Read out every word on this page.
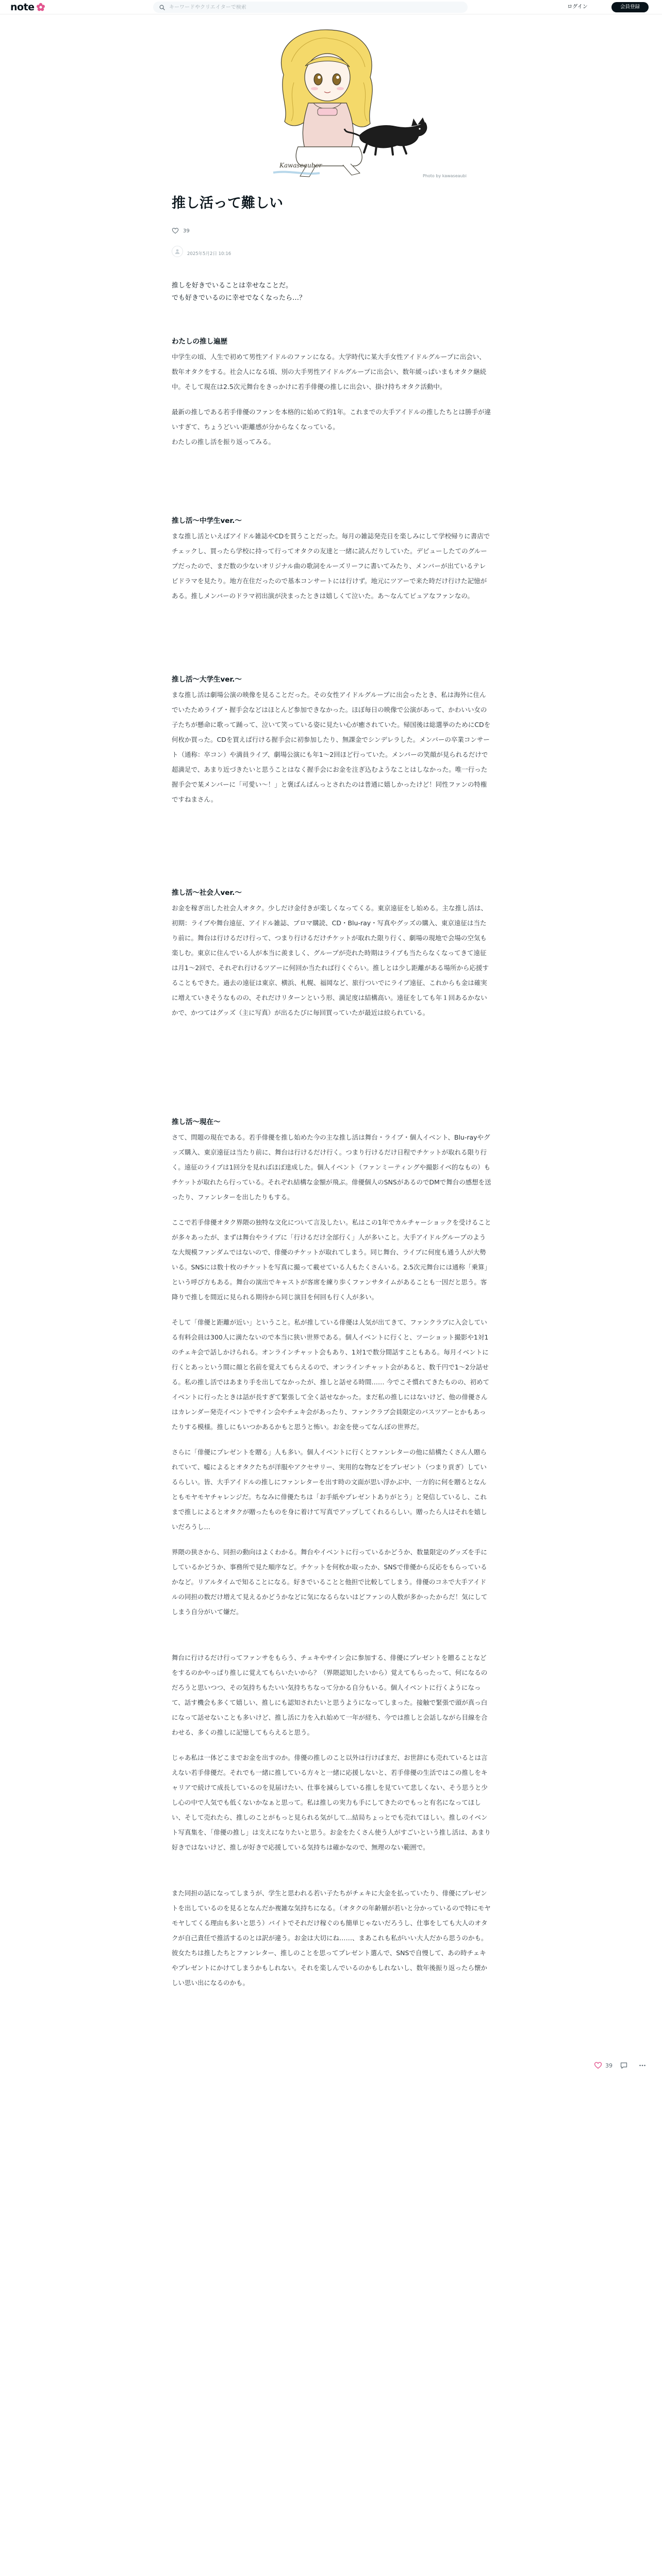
note
キーワードやクリエイターで検索	ログイン	会員登録
Kawaseauber
Photo by kawaseaubi
推し活って難しい
39
2025年5月2日 10:16

推しを好きでいることは幸せなことだ。
でも好きでいるのに幸せでなくなったら…？

わたしの推し遍歴

中学生の頃、人生で初めて男性アイドルのファンになる。大学時代に某大手女性アイドルグループに出会い、数年オタクをする。社会人になる頃、別の大手男性アイドルグループに出会い、数年緩っぱいまもオタク継続中。そして現在は2.5次元舞台をきっかけに若手俳優の推しに出会い、掛け持ちオタク活動中。

最新の推しである若手俳優のファンを本格的に始めて約1年。これまでの大手アイドルの推したちとは勝手が違いすぎて、ちょうどいい距離感が分からなくなっている。
わたしの推し活を振り返ってみる。

推し活～中学生ver.～

まな推し活といえばアイドル雑誌やCDを買うことだった。毎月の雑誌発売日を楽しみにして学校帰りに書店でチェックし、買ったら学校に持って行ってオタクの友達と一緒に読んだりしていた。デビューしたてのグループだったので、まだ数の少ないオリジナル曲の歌詞をルーズリーフに書いてみたり、メンバーが出ているテレビドラマを見たり。地方在住だったので基本コンサートには行けず。地元にツアーで来た時だけ行けた記憶がある。推しメンバーのドラマ初出演が決まったときは嬉しくて泣いた。あ～なんてピュアなファンなの。

推し活～大学生ver.～

まな推し活は劇場公演の映像を見ることだった。その女性アイドルグループに出会ったとき、私は海外に住んでいたためライブ・握手会などはほとんど参加できなかった。ほぼ毎日の映像で公演があって、かわいい女の子たちが懸命に歌って踊って、泣いて笑っている姿に見たい心が癒されていた。帰国後は総選挙のためにCDを何枚か買った。CDを買えば行ける握手会に初参加したり、無課金でシンデレラした。メンバーの卒業コンサート（通称：卒コン）や満員ライブ、劇場公演にも年1～2回ほど行っていた。メンバーの笑顔が見られるだけで超満足で、あまり近づきたいと思うことはなく握手会にお金を注ぎ込むようなことはしなかった。唯一行った握手会で某メンバーに「可愛い～！」と褒ばんぱんっとされたのは普通に嬉しかったけど！同性ファンの特権ですねまさん。

推し活～社会人ver.～

お金を稼ぎ出した社会人オタク。少しだけ金付きが楽しくなってくる。東京遠征をし始める。主な推し活は、初期：ライブや舞台遠征、アイドル雑誌、ブロマ購読、CD・Blu-ray・写真やグッズの購入、東京遠征は当たり前に。舞台は行けるだけ行って、つまり行けるだけチケットが取れた限り行く、劇場の現地で会場の空気も楽しむ。東京に住んでいる人が本当に羨ましく、グループが売れた時期はライブも当たらなくなってきて遠征は月1～2回で、それぞれ行けるツアーに何回か当たれば行くぐらい。推しとは少し距離がある場所から応援することもできた。過去の遠征は東京、横浜、札幌、福岡など、旅行ついでにライブ遠征、これからも金は確実に増えていきそうなものの、それだけリターンという形、満足度は結構高い。遠征をしても年１回あるかないかで、かつてはグッズ（主に写真）が出るたびに毎回買っていたが最近は絞られている。

推し活～現在～

さて、問題の現在である。若手俳優を推し始めた今の主な推し活は舞台・ライブ・個人イベント、Blu-rayやグッズ購入、東京遠征は当たり前に、舞台は行けるだけ行く。つまり行けるだけ日程でチケットが取れる限り行く。遠征のライブは1回分を見ればほぼ達成した。個人イベント（ファンミーティングや撮影イベ的なもの）もチケットが取れたら行っている。それぞれ結構な金額が飛ぶ。俳優個人のSNSがあるのでDMで舞台の感想を送ったり、ファンレターを出したりもする。

ここで若手俳優オタク界隈の独特な文化について言及したい。私はこの1年でカルチャーショックを受けることが多々あったが、まずは舞台やライブに「行けるだけ全部行く」人が多いこと。大手アイドルグループのような大規模ファンダムではないので、俳優のチケットが取れてしまう。同じ舞台、ライブに何度も通う人が大勢いる。SNSには数十枚のチケットを写真に撮って載せている人もたくさんいる。2.5次元舞台には通称「乗算」という呼び方もある。舞台の演出でキャストが客席を練り歩くファンサタイムがあることも一因だと思う。客降りで推しを間近に見られる期待から同じ演目を何回も行く人が多い。

そして「俳優と距離が近い」ということ。私が推している俳優は人気が出てきて、ファンクラブに入会している有料会員は300人に満たないので本当に狭い世界である。個人イベントに行くと、ツーショット撮影や1対1のチェキ会で話しかけられる。オンラインチャット会もあり、1対1で数分間話すこともある。毎月イベントに行くとあっという間に顔と名前を覚えてもらえるので、オンラインチャット会があると、数千円で1～2分話せる。私の推し活ではあまり手を出してなかったが、推しと話せる時間…… 今でこそ慣れてきたものの、初めてイベントに行ったときは話が長すぎて緊張して全く話せなかった。まだ私の推しにはないけど、他の俳優さんはカレンダー発売イベントでサイン会やチェキ会があったり、ファンクラブ会員限定のバスツアーとかもあったりする模様。推しにもいつかあるかもと思うと怖い。お金を使ってなんぼの世界だ。

さらに「俳優にプレゼントを贈る」人も多い。個人イベントに行くとファンレターの他に結構たくさん人贈られていて、嘘によるとオタクたちが洋服やアクセサリー、実用的な物などをプレゼント（つまり貢ぎ）しているらしい。皆、大手アイドルの推しにファンレターを出す時の文面が思い浮かぶ中、一方的に何を贈るとなんともモヤモヤチャレンジだ。ちなみに俳優たちは「お手紙やプレゼントありがとう」と発信しているし、これまで推しによるとオタクが贈ったものを身に着けて写真でアップしてくれるらしい。贈ったら人はそれを嬉しいだろうし…

界隈の狭さから、同担の動向はよくわかる。舞台やイベントに行っているかどうか、数量限定のグッズを手にしているかどうか、事務所で見た順序など。チケットを何枚か取ったか、SNSで俳優から反応をもらっているかなど。リアルタイムで知ることになる。好きでいることと他担で比較してしまう。俳優のコネで大手アイドルの同担の数だけ増えて見えるかどうかなどに気になるらないはどファンの人数が多かったからだ！気にしてしまう自分がいて嫌だ。

舞台に行けるだけ行ってファンサをもらう、チェキやサイン会に参加する、俳優にプレゼントを贈ることなどをするのかやっぱり推しに覚えてもらいたいから？（界隈認知したいから）覚えてもらったって、何になるのだろうと思いつつ、その気持ちもたいい気持ちちなって分かる自分もいる。個人イベントに行くようになって、話す機会も多くて嬉しい、推しにも認知されたいと思うようになってしまった。接触で緊張で頭が真っ白になって話せないことも多いけど、推し活に力を入れ始めて一年が経ち、今では推しと会話しながら目線を合わせる、多くの推しに記憶してもらえると思う。

じゃあ私は一体どこまでお金を出すのか。俳優の推しのこと以外は行けばまだ、お世辞にも売れているとは言えない若手俳優だ。それでも一緒に推している方々と一緒に応援しないと、若手俳優の生活ではこの推しをキャリアで続けて成長しているのを見届けたい、仕事を減らしている推しを見ていて悲しくない、そう思うと少し心の中で人気でも低くないかなぁと思って。私は推しの実力も手にしてきたのでもっと有名になってほしい、そして売れたら、推しのことがもっと見られる気がして…結局ちょっとでも売れてほしい。推しのイベント写真集を、「俳優の推し」は支えになりたいと思う。お金をたくさん使う人がすごいという推し活は、あまり好きではないけど、推しが好きで応援している気持ちは確かなので、無理のない範囲で。

また同担の話になってしまうが、学生と思われる若い子たちがチェキに大金を払っていたり、俳優にプレゼントを出しているのを見るとなんだか複雑な気持ちになる。（オタクの年齢層が若いと分かっているので特にモヤモヤしてくる理由も多いと思う）バイトでそれだけ稼ぐのも簡単じゃないだろうし、仕事をしても大人のオタクが自己責任で推活するのとは訳が違う。お金は大切にね……、まあこれも私がいい大人だから思うのかも。彼女たちは推したちとファンレター、推しのことを思ってプレゼント選んで、SNSで自慢して、あの時チェキやプレゼントにかけてしまうかもしれない。それを楽しんでいるのかもしれないし、数年後振り返ったら懐かしい思い出になるのかも。

39
